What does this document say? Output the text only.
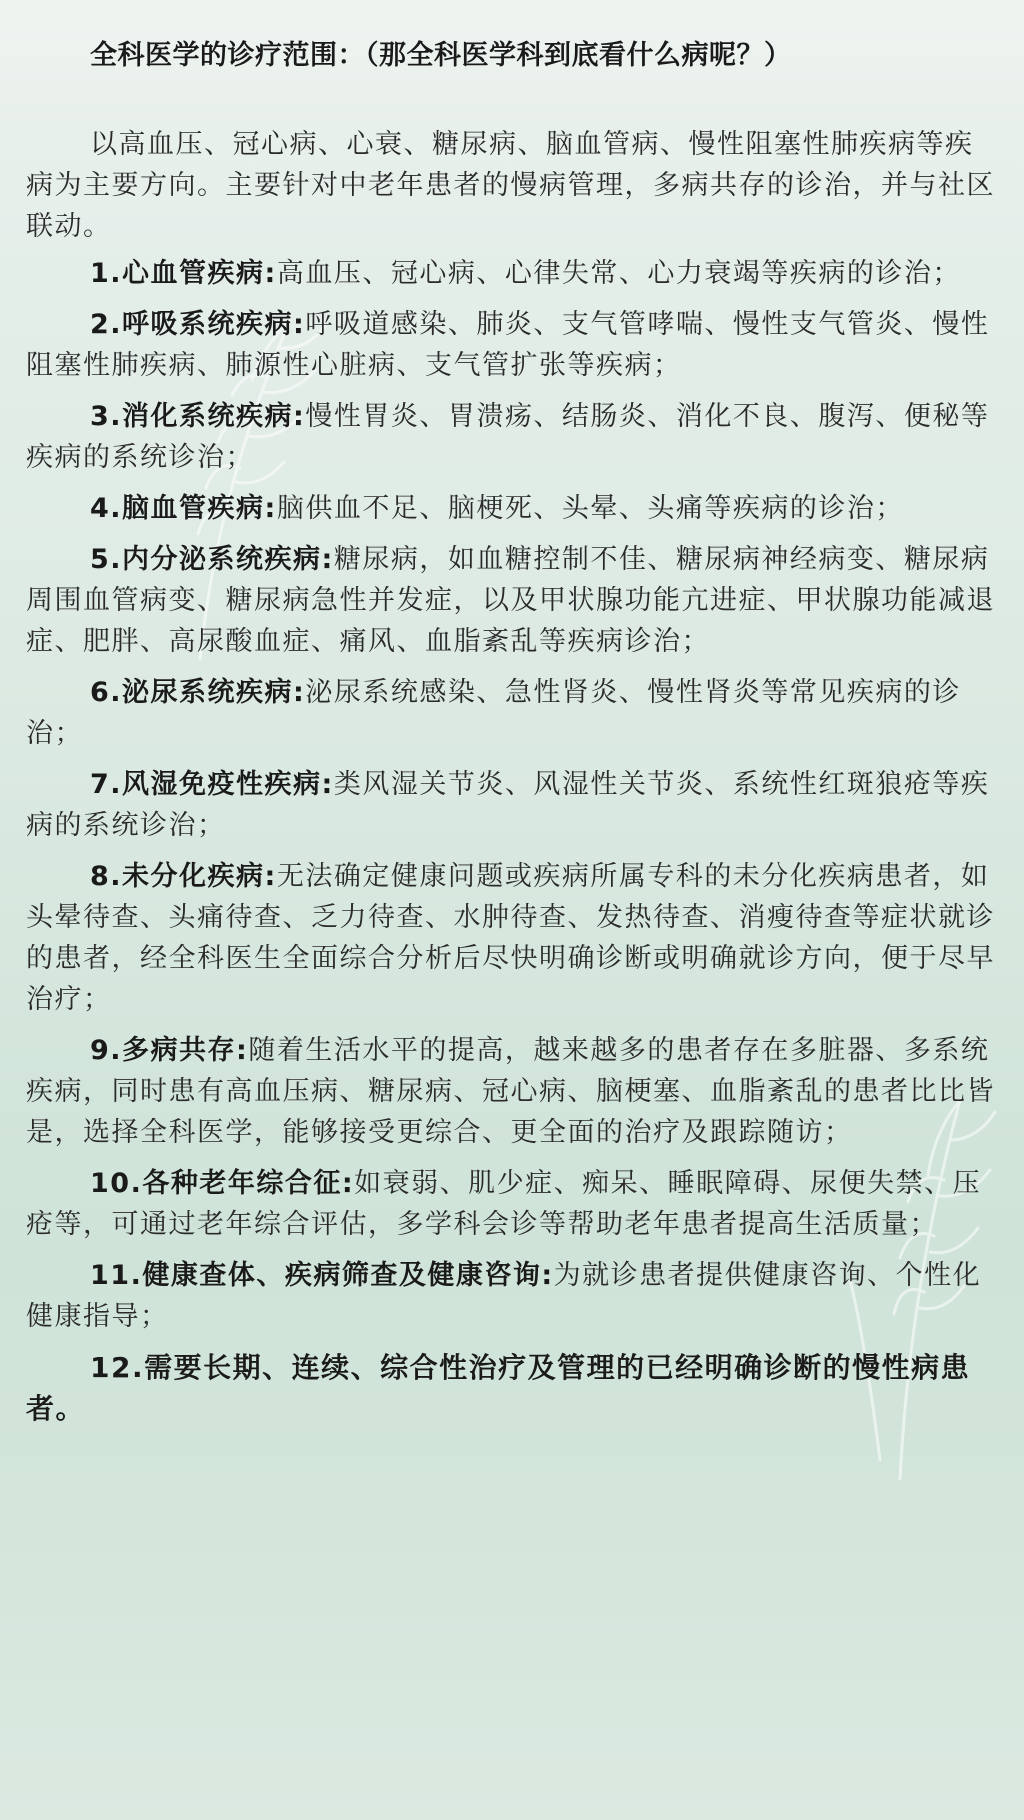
全科医学的诊疗范围：（那全科医学科到底看什么病呢？）

以高血压、冠心病、心衰、糖尿病、脑血管病、慢性阻塞性肺疾病等疾病为主要方向。主要针对中老年患者的慢病管理，多病共存的诊治，并与社区联动。

1.心血管疾病:高血压、冠心病、心律失常、心力衰竭等疾病的诊治；
2.呼吸系统疾病:呼吸道感染、肺炎、支气管哮喘、慢性支气管炎、慢性阻塞性肺疾病、肺源性心脏病、支气管扩张等疾病；
3.消化系统疾病:慢性胃炎、胃溃疡、结肠炎、消化不良、腹泻、便秘等疾病的系统诊治；
4.脑血管疾病:脑供血不足、脑梗死、头晕、头痛等疾病的诊治；
5.内分泌系统疾病:糖尿病，如血糖控制不佳、糖尿病神经病变、糖尿病周围血管病变、糖尿病急性并发症，以及甲状腺功能亢进症、甲状腺功能减退症、肥胖、高尿酸血症、痛风、血脂紊乱等疾病诊治；
6.泌尿系统疾病:泌尿系统感染、急性肾炎、慢性肾炎等常见疾病的诊治；
7.风湿免疫性疾病:类风湿关节炎、风湿性关节炎、系统性红斑狼疮等疾病的系统诊治；
8.未分化疾病:无法确定健康问题或疾病所属专科的未分化疾病患者，如头晕待查、头痛待查、乏力待查、水肿待查、发热待查、消瘦待查等症状就诊的患者，经全科医生全面综合分析后尽快明确诊断或明确就诊方向，便于尽早治疗；
9.多病共存:随着生活水平的提高，越来越多的患者存在多脏器、多系统疾病，同时患有高血压病、糖尿病、冠心病、脑梗塞、血脂紊乱的患者比比皆是，选择全科医学，能够接受更综合、更全面的治疗及跟踪随访；
10.各种老年综合征:如衰弱、肌少症、痴呆、睡眠障碍、尿便失禁、压疮等，可通过老年综合评估，多学科会诊等帮助老年患者提高生活质量；
11.健康查体、疾病筛查及健康咨询:为就诊患者提供健康咨询、个性化健康指导；
12.需要长期、连续、综合性治疗及管理的已经明确诊断的慢性病患者。
